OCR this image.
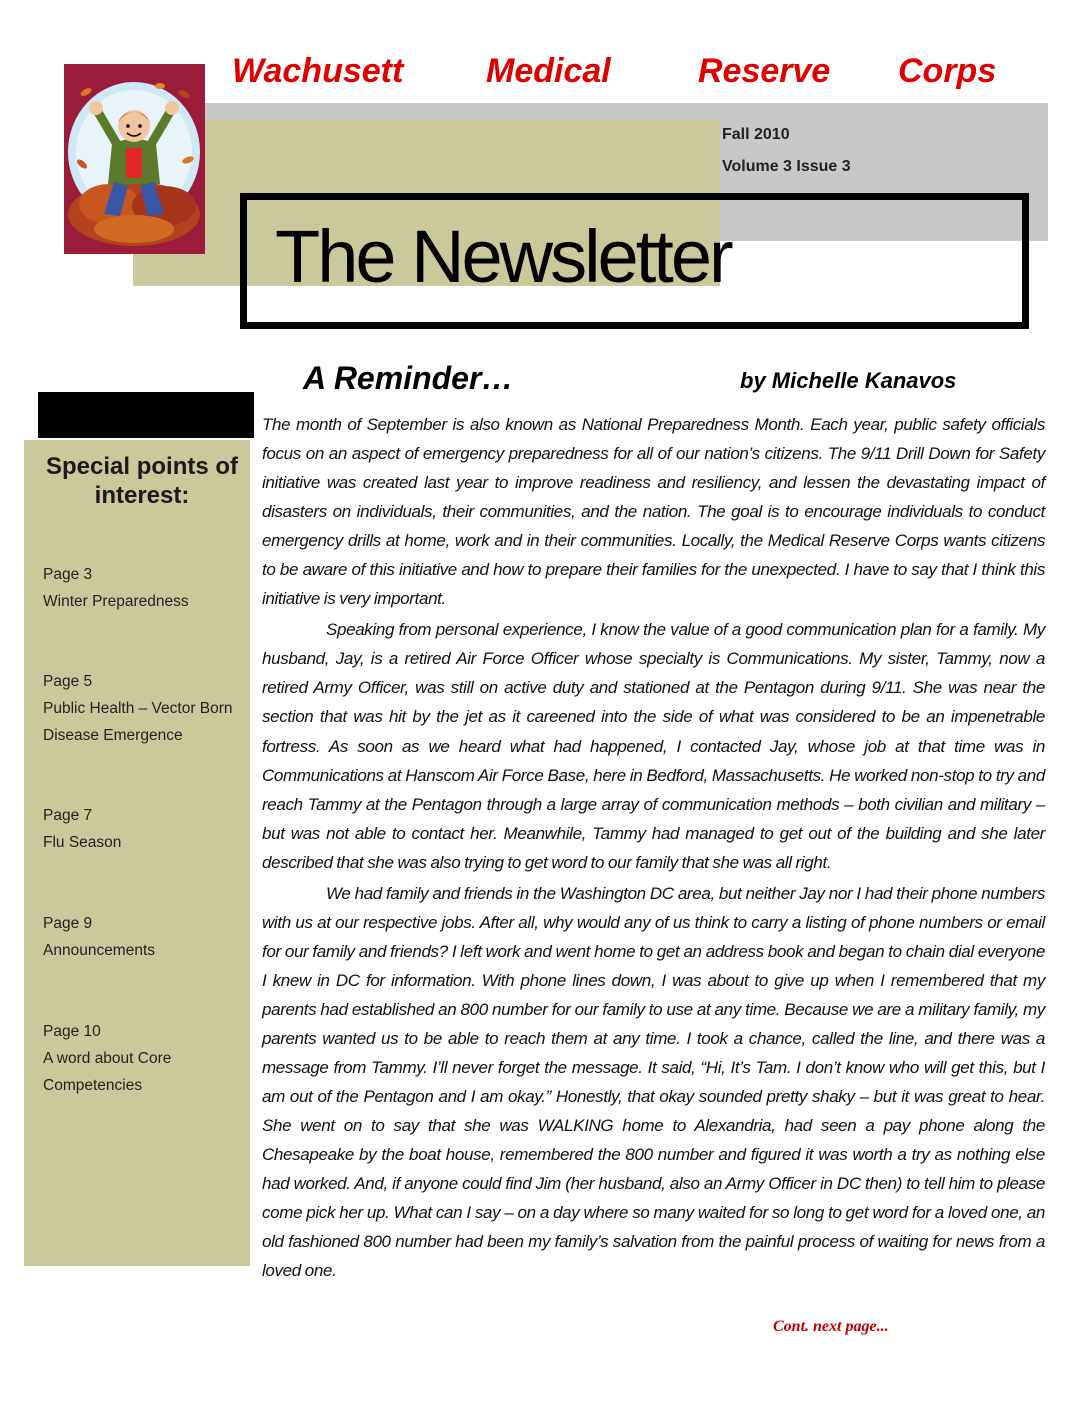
Wachusett Medical	Reserve Corps
Fall 2010
Volume 3 Issue 3
The Newsletter
Special points of interest:
Page 3
Winter Preparedness
Page 5
Public Health – Vector Born Disease Emergence
Page 7
Flu Season
Page 9
Announcements
Page 10
A word about Core Competencies
A Reminder…	by Michelle Kanavos

The month of September is also known as National Preparedness Month. Each year, public safety officials focus on an aspect of emergency preparedness for all of our nation’s citizens. The 9/11 Drill Down for Safety initiative was created last year to improve readiness and resiliency, and lessen the devastating impact of disasters on individuals, their communities, and the nation. The goal is to encourage individuals to conduct emergency drills at home, work and in their communities. Locally, the Medical Reserve Corps wants citizens to be aware of this initiative and how to prepare their families for the unexpected. I have to say that I think this initiative is very important.

Speaking from personal experience, I know the value of a good communication plan for a family. My husband, Jay, is a retired Air Force Officer whose specialty is Communications. My sister, Tammy, now a retired Army Officer, was still on active duty and stationed at the Pentagon during 9/11. She was near the section that was hit by the jet as it careened into the side of what was considered to be an impenetrable fortress. As soon as we heard what had happened, I contacted Jay, whose job at that time was in Communications at Hanscom Air Force Base, here in Bedford, Massachusetts. He worked non-stop to try and reach Tammy at the Pentagon through a large array of communication methods – both civilian and military – but was not able to contact her. Meanwhile, Tammy had managed to get out of the building and she later described that she was also trying to get word to our family that she was all right.

We had family and friends in the Washington DC area, but neither Jay nor I had their phone numbers with us at our respective jobs. After all, why would any of us think to carry a listing of phone numbers or email for our family and friends? I left work and went home to get an address book and began to chain dial everyone I knew in DC for information. With phone lines down, I was about to give up when I remembered that my parents had established an 800 number for our family to use at any time. Because we are a military family, my parents wanted us to be able to reach them at any time. I took a chance, called the line, and there was a message from Tammy. I’ll never forget the message. It said, “Hi, It’s Tam. I don’t know who will get this, but I am out of the Pentagon and I am okay.” Honestly, that okay sounded pretty shaky – but it was great to hear. She went on to say that she was WALKING home to Alexandria, had seen a pay phone along the Chesapeake by the boat house, remembered the 800 number and figured it was worth a try as nothing else had worked. And, if anyone could find Jim (her husband, also an Army Officer in DC then) to tell him to please come pick her up. What can I say – on a day where so many waited for so long to get word for a loved one, an old fashioned 800 number had been my family’s salvation from the painful process of waiting for news from a loved one.

Cont. next page...
